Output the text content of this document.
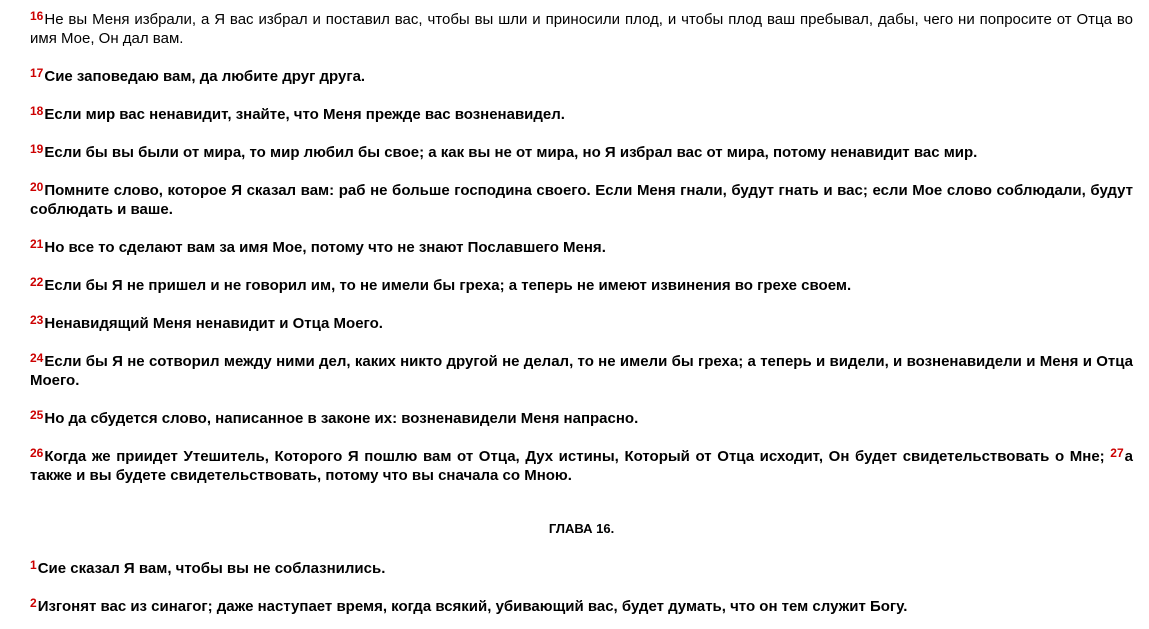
$^{16}$Не вы Меня избрали, а Я вас избрал и поставил вас, чтобы вы шли и приносили плод, и чтобы плод ваш пребывал, дабы, чего ни попросите от Отца во имя Мое, Он дал вам.

$^{17}$Сие заповедаю вам, да любите друг друга.

$^{18}$Если мир вас ненавидит, знайте, что Меня прежде вас возненавидел.

$^{19}$Если бы вы были от мира, то мир любил бы свое; а как вы не от мира, но Я избрал вас от мира, потому ненавидит вас мир.

$^{20}$Помните слово, которое Я сказал вам: раб не больше господина своего. Если Меня гнали, будут гнать и вас; если Мое слово соблюдали, будут соблюдать и ваше.

$^{21}$Но все то сделают вам за имя Мое, потому что не знают Пославшего Меня.

$^{22}$Если бы Я не пришел и не говорил им, то не имели бы греха; а теперь не имеют извинения во грехе своем.

$^{23}$Ненавидящий Меня ненавидит и Отца Моего.

$^{24}$Если бы Я не сотворил между ними дел, каких никто другой не делал, то не имели бы греха; а теперь и видели, и возненавидели и Меня и Отца Моего.

$^{25}$Но да сбудется слово, написанное в законе их: возненавидели Меня напрасно.

$^{26}$Когда же приидет Утешитель, Которого Я пошлю вам от Отца, Дух истины, Который от Отца исходит, Он будет свидетельствовать о Мне; $^{27}$а также и вы будете свидетельствовать, потому что вы сначала со Мною.

ГЛАВА 16.

$^1$Сие сказал Я вам, чтобы вы не соблазнились.

$^2$Изгонят вас из синагог; даже наступает время, когда всякий, убивающий вас, будет думать, что он тем служит Богу.
